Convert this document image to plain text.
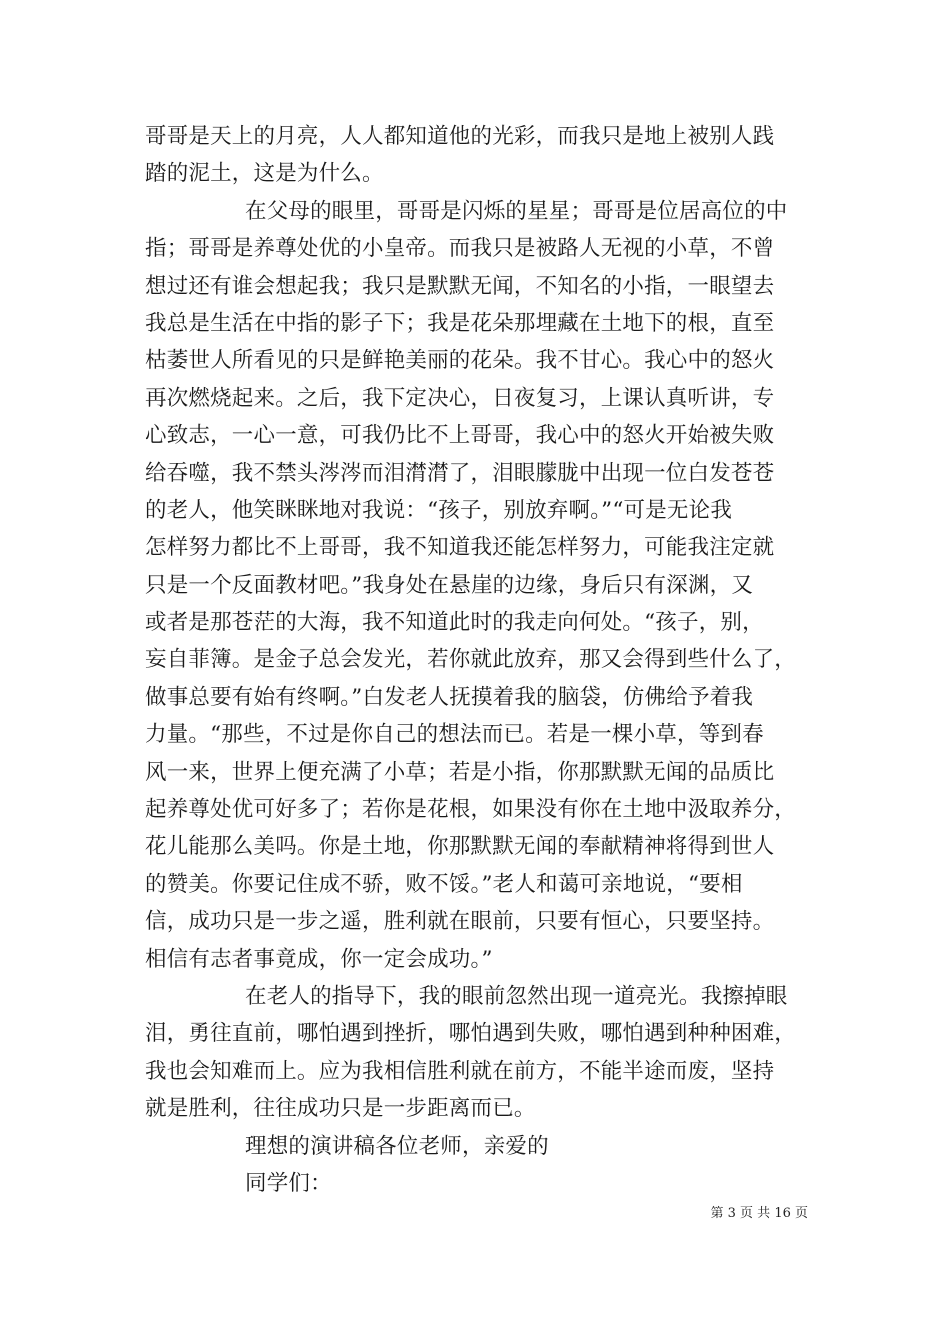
哥哥是天上的月亮，人人都知道他的光彩，而我只是地上被别人践
踏的泥土，这是为什么。
在父母的眼里，哥哥是闪烁的星星；哥哥是位居高位的中
指；哥哥是养尊处优的小皇帝。而我只是被路人无视的小草，不曾
想过还有谁会想起我；我只是默默无闻，不知名的小指，一眼望去
我总是生活在中指的影子下；我是花朵那埋藏在土地下的根，直至
枯萎世人所看见的只是鲜艳美丽的花朵。我不甘心。我心中的怒火
再次燃烧起来。之后，我下定决心，日夜复习，上课认真听讲，专
心致志，一心一意，可我仍比不上哥哥，我心中的怒火开始被失败
给吞噬，我不禁头涔涔而泪潸潸了，泪眼朦胧中出现一位白发苍苍
的老人，他笑眯眯地对我说：“孩子，别放弃啊。”“可是无论我
怎样努力都比不上哥哥，我不知道我还能怎样努力，可能我注定就
只是一个反面教材吧。”我身处在悬崖的边缘，身后只有深渊，又
或者是那苍茫的大海，我不知道此时的我走向何处。“孩子，别，
妄自菲簿。是金子总会发光，若你就此放弃，那又会得到些什么了，
做事总要有始有终啊。”白发老人抚摸着我的脑袋，仿佛给予着我
力量。“那些，不过是你自己的想法而已。若是一棵小草，等到春
风一来，世界上便充满了小草；若是小指，你那默默无闻的品质比
起养尊处优可好多了；若你是花根，如果没有你在土地中汲取养分，
花儿能那么美吗。你是土地，你那默默无闻的奉献精神将得到世人
的赞美。你要记住成不骄，败不馁。”老人和蔼可亲地说，“要相
信，成功只是一步之遥，胜利就在眼前，只要有恒心，只要坚持。
相信有志者事竟成，你一定会成功。”
在老人的指导下，我的眼前忽然出现一道亮光。我擦掉眼
泪，勇往直前，哪怕遇到挫折，哪怕遇到失败，哪怕遇到种种困难，
我也会知难而上。应为我相信胜利就在前方，不能半途而废，坚持
就是胜利，往往成功只是一步距离而已。
理想的演讲稿各位老师，亲爱的
同学们：
第 3 页 共 16 页
